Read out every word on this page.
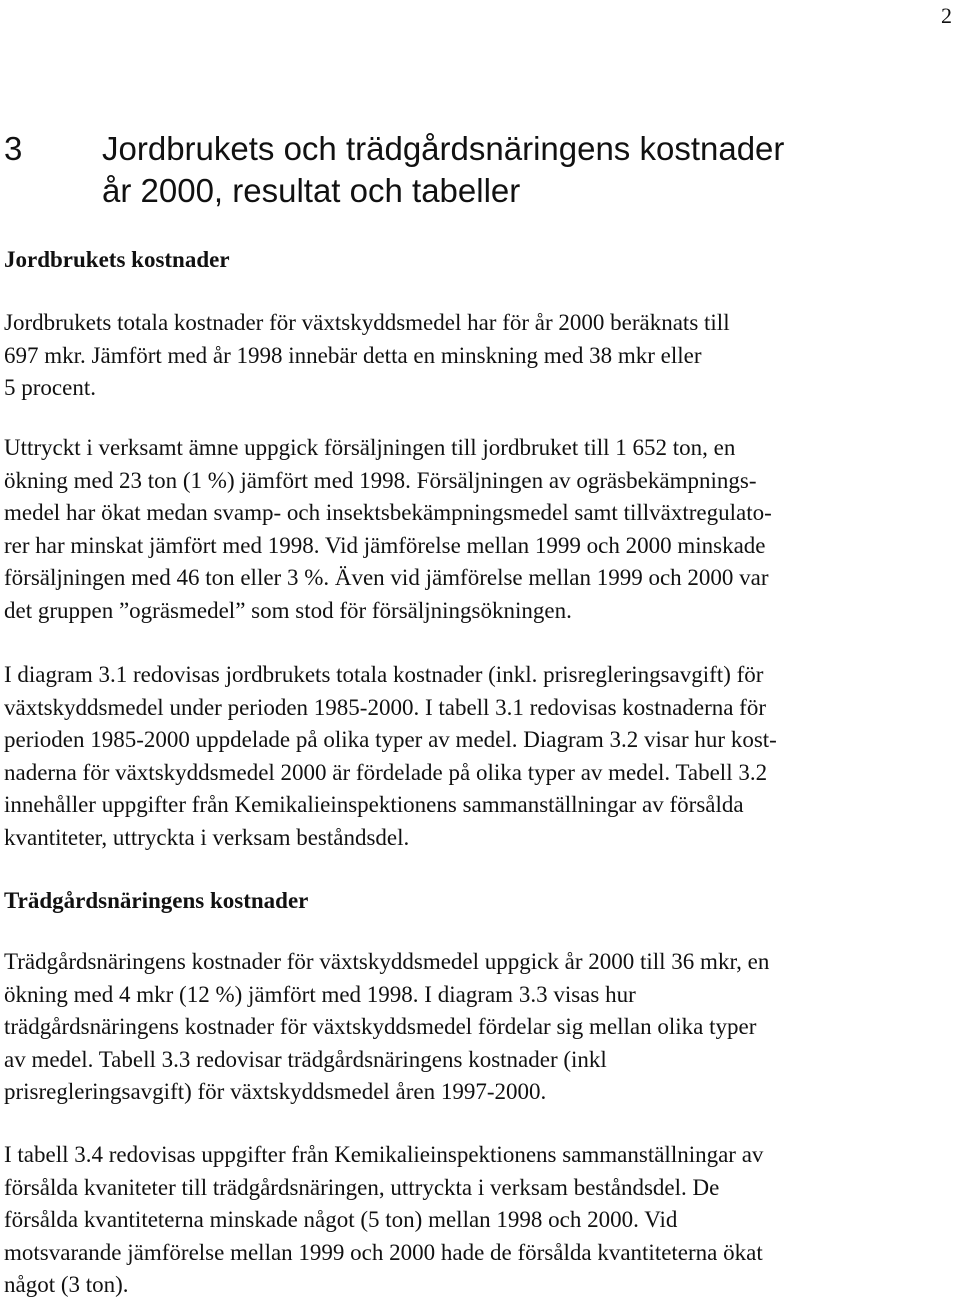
2
3	Jordbrukets och trädgårdsnäringens kostnader
år 2000, resultat och tabeller
Jordbrukets kostnader

Jordbrukets totala kostnader för växtskyddsmedel har för år 2000 beräknats till
697 mkr. Jämfört med år 1998 innebär detta en minskning med 38 mkr eller
5 procent.

Uttryckt i verksamt ämne uppgick försäljningen till jordbruket till 1 652 ton, en
ökning med 23 ton (1 %) jämfört med 1998. Försäljningen av ogräsbekämpnings-
medel har ökat medan svamp- och insektsbekämpningsmedel samt tillväxtregulato-
rer har minskat jämfört med 1998. Vid jämförelse mellan 1999 och 2000 minskade
försäljningen med 46 ton eller 3 %. Även vid jämförelse mellan 1999 och 2000 var
det gruppen ”ogräsmedel” som stod för försäljningsökningen.

I diagram 3.1 redovisas jordbrukets totala kostnader (inkl. prisregleringsavgift) för
växtskyddsmedel under perioden 1985-2000. I tabell 3.1 redovisas kostnaderna för
perioden 1985-2000 uppdelade på olika typer av medel. Diagram 3.2 visar hur kost-
naderna för växtskyddsmedel 2000 är fördelade på olika typer av medel. Tabell 3.2
innehåller uppgifter från Kemikalieinspektionens sammanställningar av försålda
kvantiteter, uttryckta i verksam beståndsdel.

Trädgårdsnäringens kostnader

Trädgårdsnäringens kostnader för växtskyddsmedel uppgick år 2000 till 36 mkr, en
ökning med 4 mkr (12 %) jämfört med 1998. I diagram 3.3 visas hur
trädgårdsnäringens kostnader för växtskyddsmedel fördelar sig mellan olika typer
av medel. Tabell 3.3 redovisar trädgårdsnäringens kostnader (inkl
prisregleringsavgift) för växtskyddsmedel åren 1997-2000.

I tabell 3.4 redovisas uppgifter från Kemikalieinspektionens sammanställningar av
försålda kvaniteter till trädgårdsnäringen, uttryckta i verksam beståndsdel. De
försålda kvantiteterna minskade något (5 ton) mellan 1998 och 2000. Vid
motsvarande jämförelse mellan 1999 och 2000 hade de försålda kvantiteterna ökat
något (3 ton).
